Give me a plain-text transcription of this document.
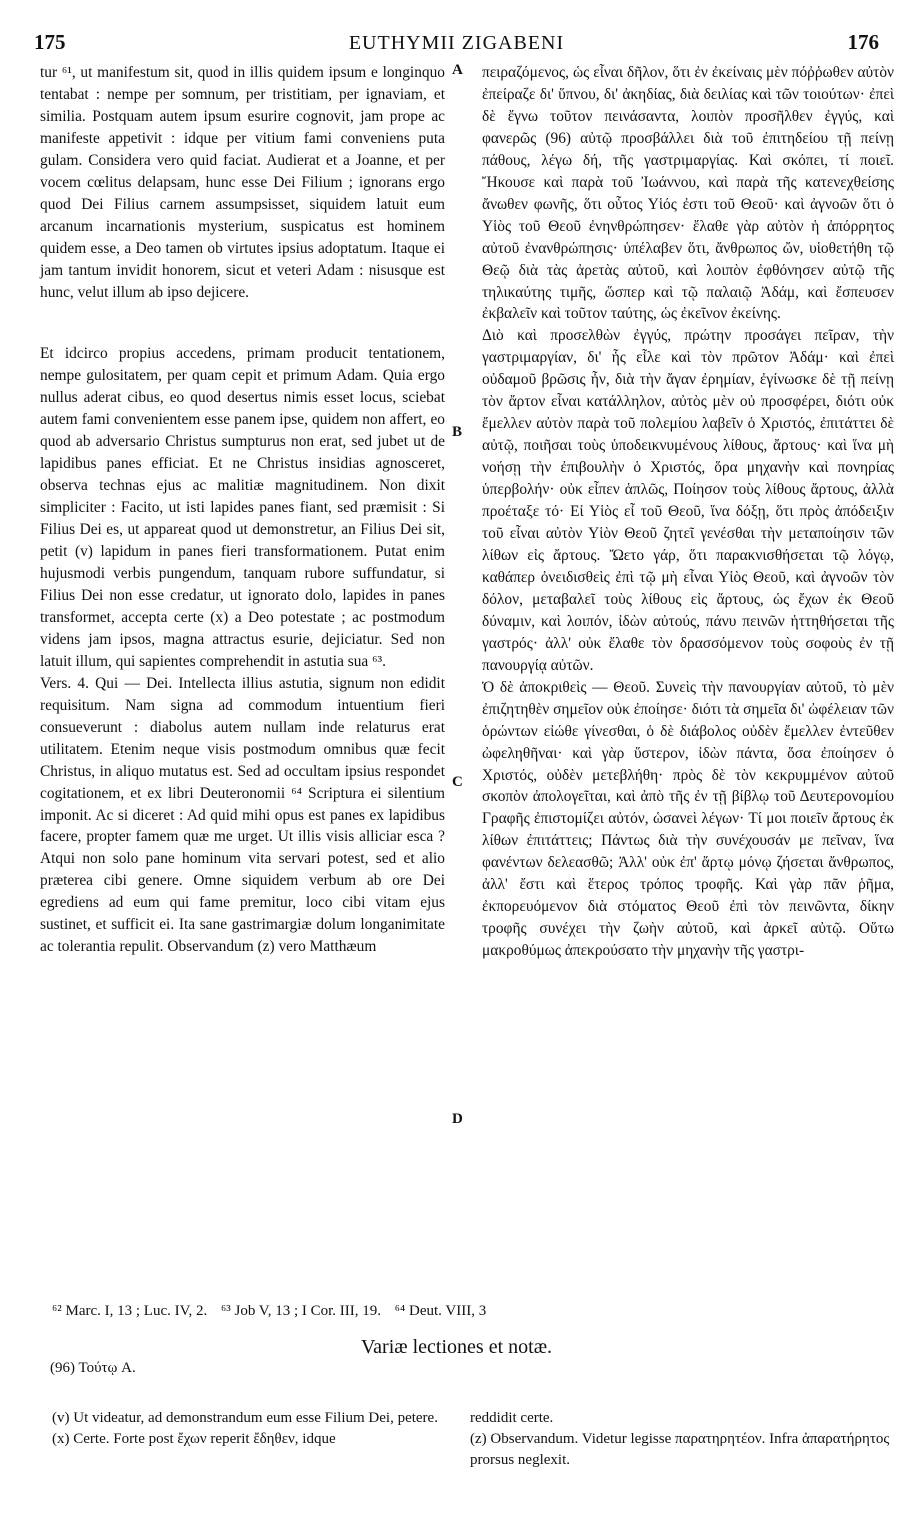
175	EUTHYMII ZIGABENI	176

tur ⁶¹, ut manifestum sit, quod in illis quidem ipsum e longinquo tentabat : nempe per somnum, per tristitiam, per ignaviam, et similia. Postquam autem ipsum esurire cognovit, jam prope ac manifeste appetivit : idque per vitium fami conveniens puta gulam. Considera vero quid faciat. Audierat et a Joanne, et per vocem cœlitus delapsam, hunc esse Dei Filium ; ignorans ergo quod Dei Filius carnem assumpsisset, siquidem latuit eum arcanum incarnationis mysterium, suspicatus est hominem quidem esse, a Deo tamen ob virtutes ipsius adoptatum. Itaque ei jam tantum invidit honorem, sicut et veteri Adam : nisusque est hunc, velut illum ab ipso dejicere.

Et idcirco propius accedens, primam producit tentationem, nempe gulositatem, per quam cepit et primum Adam. Quia ergo nullus aderat cibus, eo quod desertus nimis esset locus, sciebat autem fami convenientem esse panem ipse, quidem non affert, eo quod ab adversario Christus sumpturus non erat, sed jubet ut de lapidibus panes efficiat. Et ne Christus insidias agnosceret, observa technas ejus ac malitiæ magnitudinem. Non dixit simpliciter : Facito, ut isti lapides panes fiant, sed præmisit : Si Filius Dei es, ut appareat quod ut demonstretur, an Filius Dei sit, petit (v) lapidum in panes fieri transformationem. Putat enim hujusmodi verbis pungendum, tanquam rubore suffundatur, si Filius Dei non esse credatur, ut ignorato dolo, lapides in panes transformet, accepta certe (x) a Deo potestate ; ac postmodum videns jam ipsos, magna attractus esurie, dejiciatur. Sed non latuit illum, qui sapientes comprehendit in astutia sua ⁶³.

Vers. 4. Qui — Dei. Intellecta illius astutia, signum non edidit requisitum. Nam signa ad commodum intuentium fieri consueverunt : diabolus autem nullam inde relaturus erat utilitatem. Etenim neque visis postmodum omnibus quæ fecit Christus, in aliquo mutatus est. Sed ad occultam ipsius respondet cogitationem, et ex libri Deuteronomii ⁶⁴ Scriptura ei silentium imponit. Ac si diceret : Ad quid mihi opus est panes ex lapidibus facere, propter famem quæ me urget. Ut illis visis alliciar esca ? Atqui non solo pane hominum vita servari potest, sed et alio præterea cibi genere. Omne siquidem verbum ab ore Dei egrediens ad eum qui fame premitur, loco cibi vitam ejus sustinet, et sufficit ei. Ita sane gastrimargiæ dolum longanimitate ac tolerantia repulit. Observandum (z) vero Matthæum

πειραζόμενος, ὡς εἶναι δῆλον, ὅτι ἐν ἐκείναις μὲν πόῤῥωθεν αὐτὸν ἐπείραζε δι' ὕπνου, δι' ἀκηδίας, διὰ δειλίας καὶ τῶν τοιούτων· ἐπεὶ δὲ ἔγνω τοῦτον πεινάσαντα, λοιπὸν προσῆλθεν ἐγγύς, καὶ φανερῶς (96) αὐτῷ προσβάλλει διὰ τοῦ ἐπιτηδείου τῇ πείνῃ πάθους, λέγω δή, τῆς γαστριμαργίας. Καὶ σκόπει, τί ποιεῖ. Ἤκουσε καὶ παρὰ τοῦ Ἰωάννου, καὶ παρὰ τῆς κατενεχθείσης ἄνωθεν φωνῆς, ὅτι οὗτος Υἱός ἐστι τοῦ Θεοῦ· καὶ ἀγνοῶν ὅτι ὁ Υἱὸς τοῦ Θεοῦ ἐνηνθρώπησεν· ἔλαθε γὰρ αὐτὸν ἡ ἀπόρρητος αὐτοῦ ἐνανθρώπησις· ὑπέλαβεν ὅτι, ἄνθρωπος ὤν, υἱοθετήθη τῷ Θεῷ διὰ τὰς ἀρετὰς αὐτοῦ, καὶ λοιπὸν ἐφθόνησεν αὐτῷ τῆς τηλικαύτης τιμῆς, ὥσπερ καὶ τῷ παλαιῷ Ἀδάμ, καὶ ἔσπευσεν ἐκβαλεῖν καὶ τοῦτον ταύτης, ὡς ἐκεῖνον ἐκείνης.

Διὸ καὶ προσελθὼν ἐγγύς, πρώτην προσάγει πεῖραν, τὴν γαστριμαργίαν, δι' ἧς εἷλε καὶ τὸν πρῶτον Ἀδάμ· καὶ ἐπεὶ οὐδαμοῦ βρῶσις ἦν, διὰ τὴν ἄγαν ἐρημίαν, ἐγίνωσκε δὲ τῇ πείνῃ τὸν ἄρτον εἶναι κατάλληλον, αὐτὸς μὲν οὐ προσφέρει, διότι οὐκ ἔμελλεν αὐτὸν παρὰ τοῦ πολεμίου λαβεῖν ὁ Χριστός, ἐπιτάττει δὲ αὐτῷ, ποιῆσαι τοὺς ὑποδεικνυμένους λίθους, ἄρτους· καὶ ἵνα μὴ νοήσῃ τὴν ἐπιβουλὴν ὁ Χριστός, ὅρα μηχανὴν καὶ πονηρίας ὑπερβολήν· οὐκ εἶπεν ἁπλῶς, Ποίησον τοὺς λίθους ἄρτους, ἀλλὰ προέταξε τό· Εἰ Υἱὸς εἶ τοῦ Θεοῦ, ἵνα δόξῃ, ὅτι πρὸς ἀπόδειξιν τοῦ εἶναι αὐτὸν Υἱὸν Θεοῦ ζητεῖ γενέσθαι τὴν μεταποίησιν τῶν λίθων εἰς ἄρτους. Ὤετο γάρ, ὅτι παρακνισθήσεται τῷ λόγῳ, καθάπερ ὀνειδισθεὶς ἐπὶ τῷ μὴ εἶναι Υἱὸς Θεοῦ, καὶ ἀγνοῶν τὸν δόλον, μεταβαλεῖ τοὺς λίθους εἰς ἄρτους, ὡς ἔχων ἐκ Θεοῦ δύναμιν, καὶ λοιπόν, ἰδὼν αὐτούς, πάνυ πεινῶν ἡττηθήσεται τῆς γαστρός· ἀλλ' οὐκ ἔλαθε τὸν δρασσόμενον τοὺς σοφοὺς ἐν τῇ πανουργίᾳ αὐτῶν.

Ὁ δὲ ἀποκριθεὶς — Θεοῦ. Συνεὶς τὴν πανουργίαν αὐτοῦ, τὸ μὲν ἐπιζητηθὲν σημεῖον οὐκ ἐποίησε· διότι τὰ σημεῖα δι' ὠφέλειαν τῶν ὁρώντων εἰώθε γίνεσθαι, ὁ δὲ διάβολος οὐδὲν ἔμελλεν ἐντεῦθεν ὠφεληθῆναι· καὶ γὰρ ὕστερον, ἰδὼν πάντα, ὅσα ἐποίησεν ὁ Χριστός, οὐδὲν μετεβλήθη· πρὸς δὲ τὸν κεκρυμμένον αὐτοῦ σκοπὸν ἀπολογεῖται, καὶ ἀπὸ τῆς ἐν τῇ βίβλῳ τοῦ Δευτερονομίου Γραφῆς ἐπιστομίζει αὐτόν, ὡσανεὶ λέγων· Τί μοι ποιεῖν ἄρτους ἐκ λίθων ἐπιτάττεις; Πάντως διὰ τὴν συνέχουσάν με πεῖναν, ἵνα φανέντων δελεασθῶ; Ἀλλ' οὐκ ἐπ' ἄρτῳ μόνῳ ζήσεται ἄνθρωπος, ἀλλ' ἔστι καὶ ἕτερος τρόπος τροφῆς. Καὶ γὰρ πᾶν ῥῆμα, ἐκπορευόμενον διὰ στόματος Θεοῦ ἐπὶ τὸν πεινῶντα, δίκην τροφῆς συνέχει τὴν ζωὴν αὐτοῦ, καὶ ἀρκεῖ αὐτῷ. Οὕτω μακροθύμως ἀπεκρούσατο τὴν μηχανὴν τῆς γαστρι-

A
B
C
D
⁶² Marc. I, 13 ; Luc. IV, 2. ⁶³ Job V, 13 ; I Cor. III, 19. ⁶⁴ Deut. VIII, 3
Variæ lectiones et notæ.
(96) Τούτῳ A.

(v) Ut videatur, ad demonstrandum eum esse Filium Dei, petere.

(x) Certe. Forte post ἔχων reperit ἔδηθεν, idque

reddidit certe.

(z) Observandum. Videtur legisse παρατηρητέον. Infra ἀπαρατήρητος prorsus neglexit.
